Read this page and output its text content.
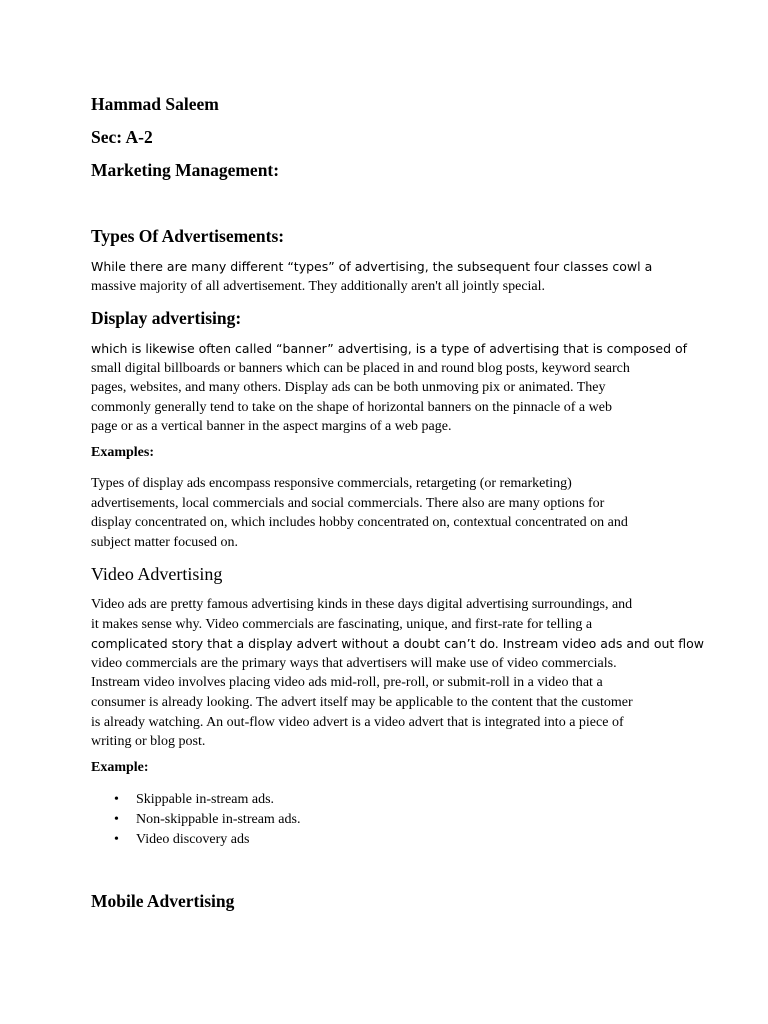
Hammad Saleem

Sec: A-2

Marketing Management:

Types Of Advertisements:

While there are many different “types” of advertising, the subsequent four classes cowl a
massive majority of all advertisement. They additionally aren't all jointly special.

Display advertising:

which is likewise often called “banner” advertising, is a type of advertising that is composed of
small digital billboards or banners which can be placed in and round blog posts, keyword search
pages, websites, and many others. Display ads can be both unmoving pix or animated. They
commonly generally tend to take on the shape of horizontal banners on the pinnacle of a web
page or as a vertical banner in the aspect margins of a web page.

Examples:

Types of display ads encompass responsive commercials, retargeting (or remarketing)
advertisements, local commercials and social commercials. There also are many options for
display concentrated on, which includes hobby concentrated on, contextual concentrated on and
subject matter focused on.

Video Advertising

Video ads are pretty famous advertising kinds in these days digital advertising surroundings, and
it makes sense why. Video commercials are fascinating, unique, and first-rate for telling a
complicated story that a display advert without a doubt can’t do. Instream video ads and out flow
video commercials are the primary ways that advertisers will make use of video commercials.
Instream video involves placing video ads mid-roll, pre-roll, or submit-roll in a video that a
consumer is already looking. The advert itself may be applicable to the content that the customer
is already watching. An out-flow video advert is a video advert that is integrated into a piece of
writing or blog post.

Example:

• Skippable in-stream ads.
• Non-skippable in-stream ads.
• Video discovery ads

Mobile Advertising
